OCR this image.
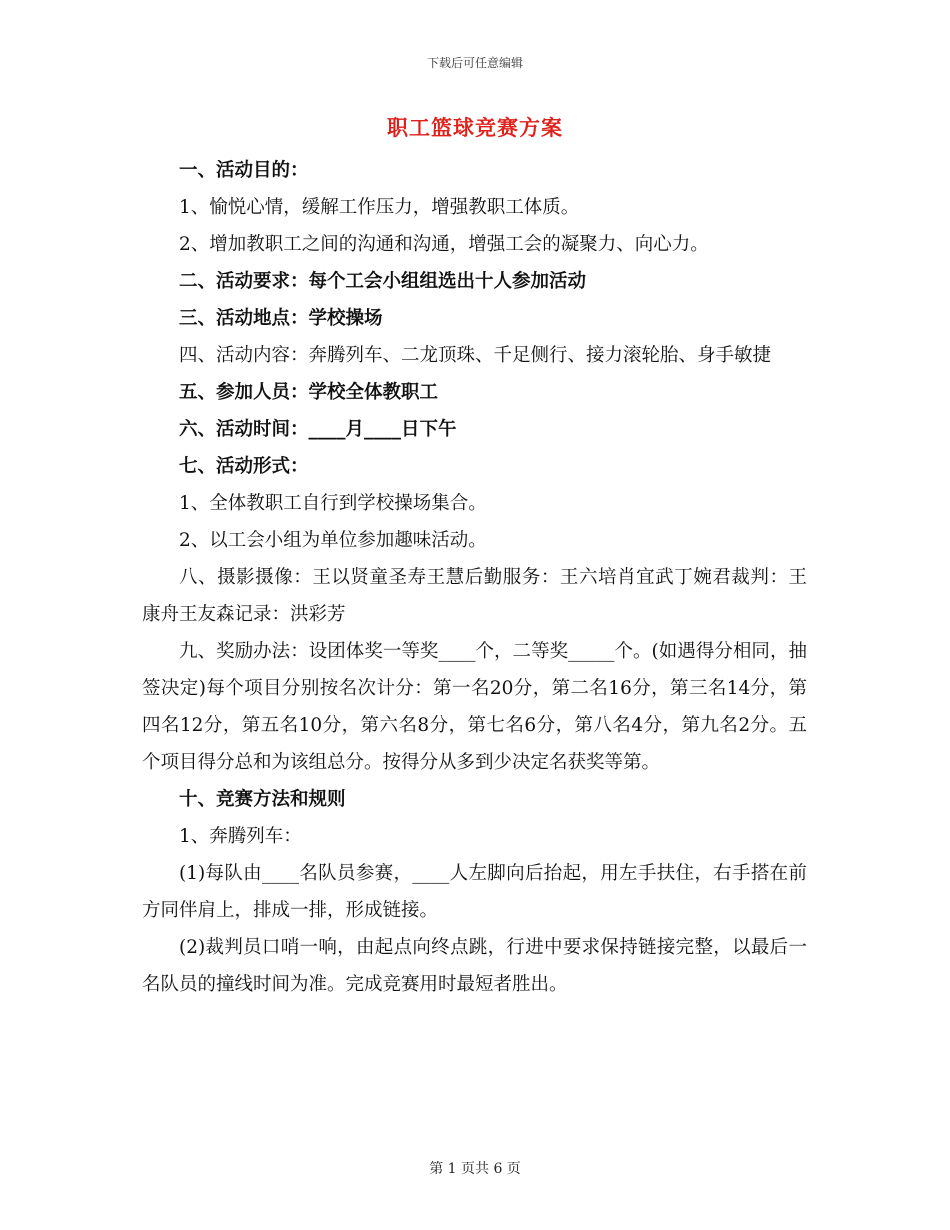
下载后可任意编辑
职工篮球竞赛方案

一、活动目的：

1、愉悦心情，缓解工作压力，增强教职工体质。

2、增加教职工之间的沟通和沟通，增强工会的凝聚力、向心力。

二、活动要求：每个工会小组组选出十人参加活动

三、活动地点：学校操场

四、活动内容：奔腾列车、二龙顶珠、千足侧行、接力滚轮胎、身手敏捷

五、参加人员：学校全体教职工

六、活动时间：____月____日下午

七、活动形式：

1、全体教职工自行到学校操场集合。

2、以工会小组为单位参加趣味活动。

八、摄影摄像：王以贤童圣寿王慧后勤服务：王六培肖宜武丁婉君裁判：王康舟王友森记录：洪彩芳

九、奖励办法：设团体奖一等奖____个，二等奖_____个。(如遇得分相同，抽签决定)每个项目分别按名次计分：第一名20分，第二名16分，第三名14分，第四名12分，第五名10分，第六名8分，第七名6分，第八名4分，第九名2分。五个项目得分总和为该组总分。按得分从多到少决定名获奖等第。

十、竞赛方法和规则

1、奔腾列车：

(1)每队由____名队员参赛，____人左脚向后抬起，用左手扶住，右手搭在前方同伴肩上，排成一排，形成链接。

(2)裁判员口哨一响，由起点向终点跳，行进中要求保持链接完整，以最后一名队员的撞线时间为准。完成竞赛用时最短者胜出。

第 1 页共 6 页
